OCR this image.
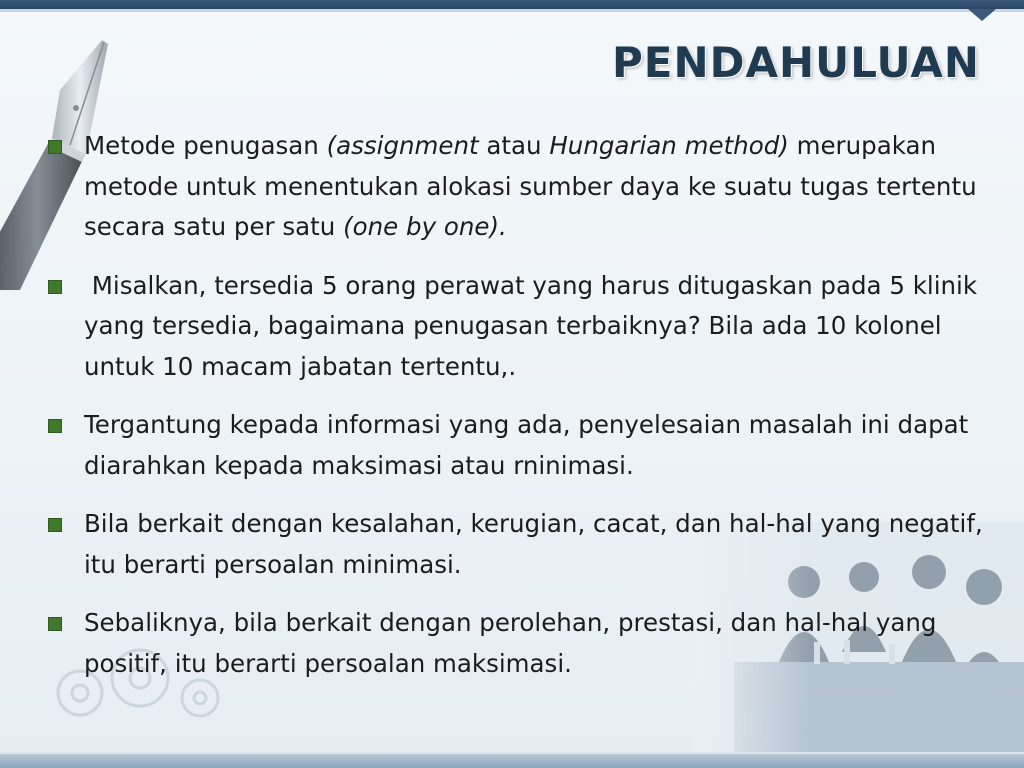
PENDAHULUAN
Metode penugasan (assignment atau Hungarian method) merupakan metode untuk menentukan alokasi sumber daya ke suatu tugas tertentu secara satu per satu (one by one).
Misalkan, tersedia 5 orang perawat yang harus ditugaskan pada 5 klinik yang tersedia, bagaimana penugasan terbaiknya? Bila ada 10 kolonel untuk 10 macam jabatan tertentu,.
Tergantung kepada informasi yang ada, penyelesaian masalah ini dapat diarahkan kepada maksimasi atau rninimasi.
Bila berkait dengan kesalahan, kerugian, cacat, dan hal-hal yang negatif, itu berarti persoalan minimasi.
Sebaliknya, bila berkait dengan perolehan, prestasi, dan hal-hal yang positif, itu berarti persoalan maksimasi.
